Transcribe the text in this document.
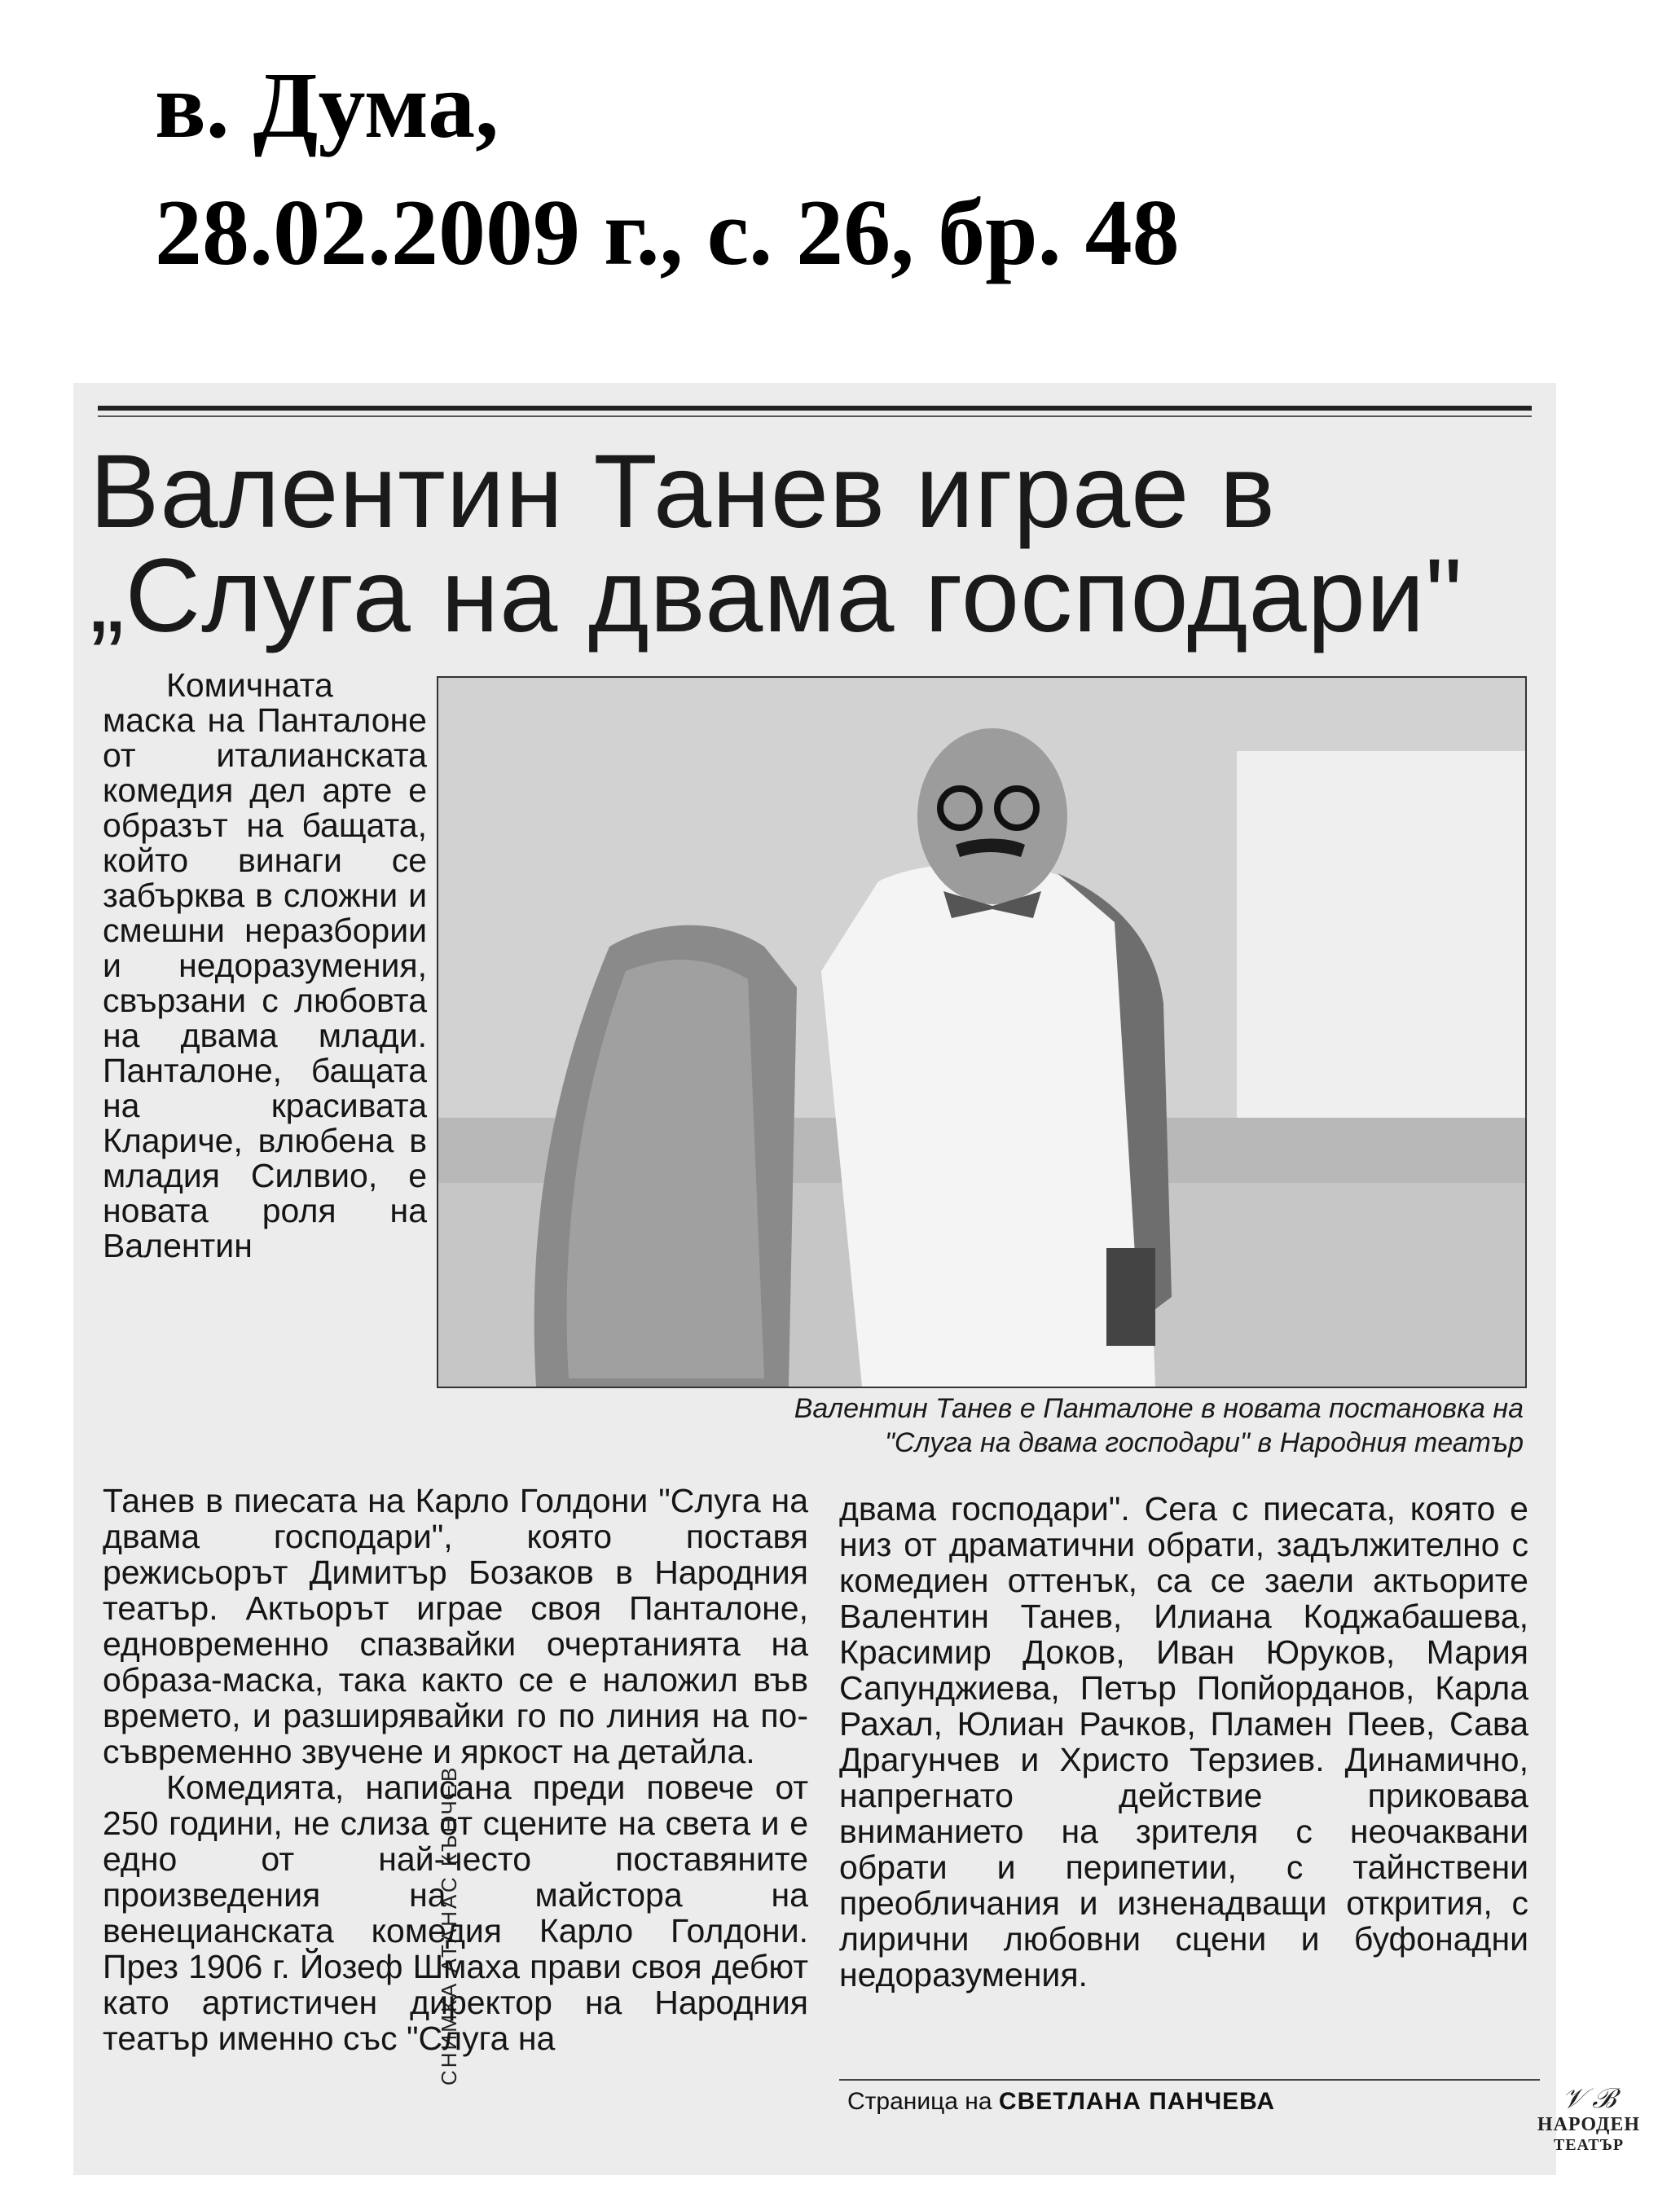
в. Дума,
28.02.2009 г., с. 26, бр. 48
Валентин Танев играе в
„Слуга на двама господари"

Комичната маска на Панталоне от италианската комедия дел арте е образът на бащата, който винаги се забърква в сложни и смешни неразбории и недоразумения, свързани с любовта на двама млади. Панталоне, бащата на красивата Клариче, влюбена в младия Силвио, е новата роля на Валентин

СНИМКА АТАНАС КЪНЧЕВ
Валентин Танев е Панталоне в новата постановка на
"Слуга на двама господари" в Народния театър

Танев в пиесата на Карло Голдони "Слуга на двама господари", която поставя режисьорът Димитър Бозаков в Народния театър. Актьорът играе своя Панталоне, едновременно спазвайки очертанията на образа-маска, така както се е наложил във времето, и разширявайки го по линия на по-съвременно звучене и яркост на детайла.

Комедията, написана преди повече от 250 години, не слиза от сцените на света и е едно от най-често поставяните произведения на майстора на венецианската комедия Карло Голдони. През 1906 г. Йозеф Шмаха прави своя дебют като артистичен директор на Народния театър именно със "Слуга на

двама господари". Сега с пиесата, която е низ от драматични обрати, задължително с комедиен оттенък, са се заели актьорите Валентин Танев, Илиана Коджабашева, Красимир Доков, Иван Юруков, Мария Сапунджиева, Петър Попйорданов, Карла Рахал, Юлиан Рачков, Пламен Пеев, Сава Драгунчев и Христо Терзиев. Динамично, напрегнато действие приковава вниманието на зрителя с неочаквани обрати и перипетии, с тайнствени преобличания и изненадващи открития, с лирични любовни сцени и буфонадни недоразумения.

Страница на СВЕТЛАНА ПАНЧЕВА	𝒱 ℬ
НАРОДЕН
ТЕАТЪР
